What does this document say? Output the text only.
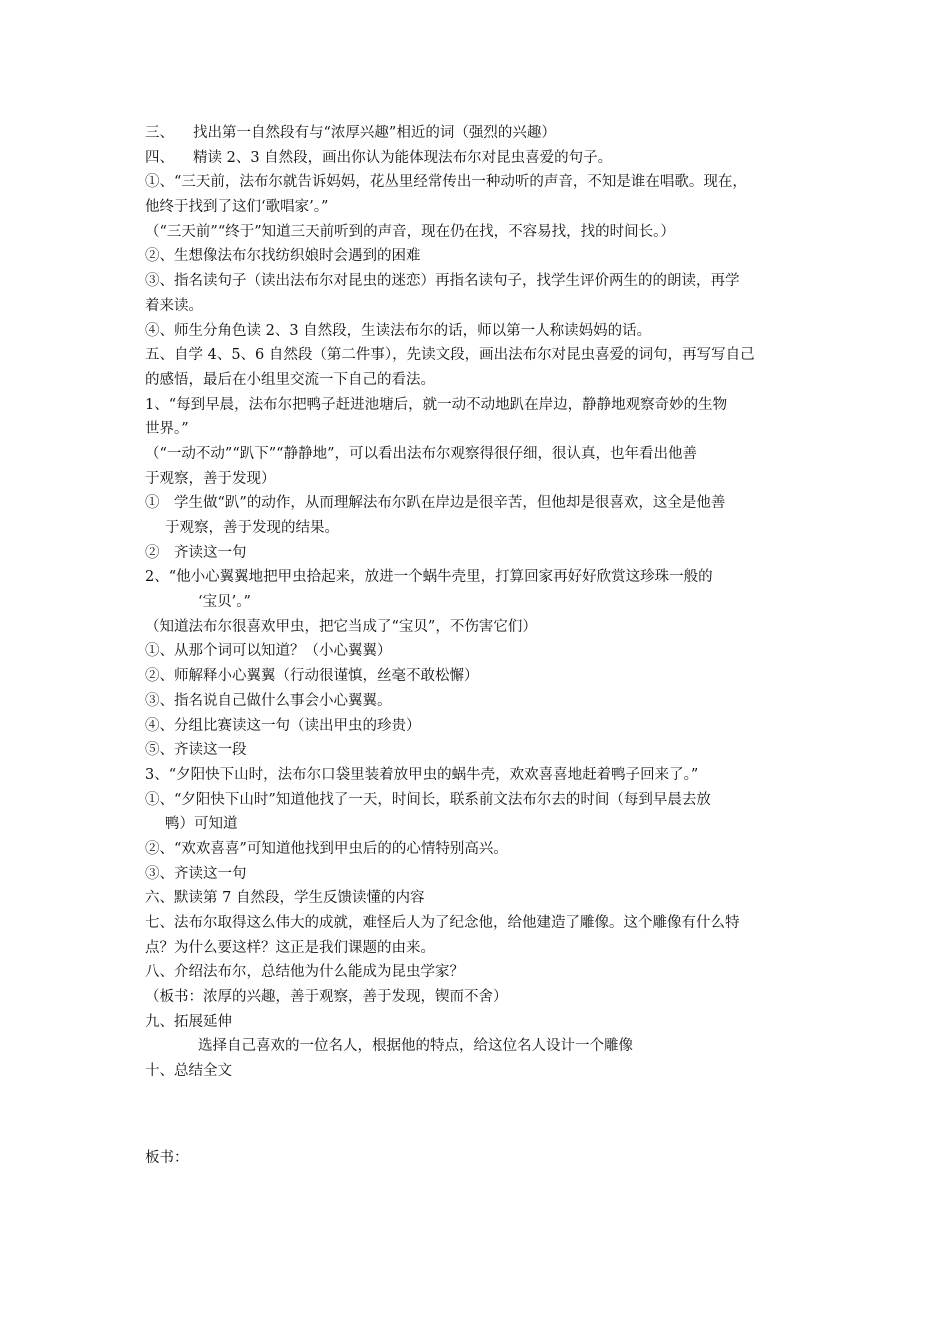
三、 找出第一自然段有与“浓厚兴趣”相近的词（强烈的兴趣）
四、 精读 2、3 自然段，画出你认为能体现法布尔对昆虫喜爱的句子。
①、“三天前，法布尔就告诉妈妈，花丛里经常传出一种动听的声音，不知是谁在唱歌。现在，
他终于找到了这们‘歌唱家’。”
（“三天前”“终于”知道三天前听到的声音，现在仍在找，不容易找，找的时间长。）
②、生想像法布尔找纺织娘时会遇到的困难
③、指名读句子（读出法布尔对昆虫的迷恋）再指名读句子，找学生评价两生的的朗读，再学
着来读。
④、师生分角色读 2、3 自然段，生读法布尔的话，师以第一人称读妈妈的话。
五、自学 4、5、6 自然段（第二件事），先读文段，画出法布尔对昆虫喜爱的词句，再写写自己
的感悟，最后在小组里交流一下自己的看法。
1、“每到早晨，法布尔把鸭子赶进池塘后，就一动不动地趴在岸边，静静地观察奇妙的生物
世界。”
（“一动不动”“趴下”“静静地”，可以看出法布尔观察得很仔细，很认真，也年看出他善
于观察，善于发现）
①　学生做“趴”的动作，从而理解法布尔趴在岸边是很辛苦，但他却是很喜欢，这全是他善
于观察，善于发现的结果。
②　齐读这一句
2、“他小心翼翼地把甲虫拾起来，放进一个蜗牛壳里，打算回家再好好欣赏这珍珠一般的
‘宝贝’。”
（知道法布尔很喜欢甲虫，把它当成了“宝贝”，不伤害它们）
①、从那个词可以知道？（小心翼翼）
②、师解释小心翼翼（行动很谨慎，丝毫不敢松懈）
③、指名说自己做什么事会小心翼翼。
④、分组比赛读这一句（读出甲虫的珍贵）
⑤、齐读这一段
3、“夕阳快下山时，法布尔口袋里装着放甲虫的蜗牛壳，欢欢喜喜地赶着鸭子回来了。”
①、“夕阳快下山时”知道他找了一天，时间长，联系前文法布尔去的时间（每到早晨去放
鸭）可知道
②、“欢欢喜喜”可知道他找到甲虫后的的心情特别高兴。
③、齐读这一句
六、默读第 7 自然段，学生反馈读懂的内容
七、法布尔取得这么伟大的成就，难怪后人为了纪念他，给他建造了雕像。这个雕像有什么特
点？为什么要这样？这正是我们课题的由来。
八、介绍法布尔，总结他为什么能成为昆虫学家？
（板书：浓厚的兴趣，善于观察，善于发现，锲而不舍）
九、拓展延伸
选择自己喜欢的一位名人，根据他的特点，给这位名人设计一个雕像
十、总结全文
板书：
